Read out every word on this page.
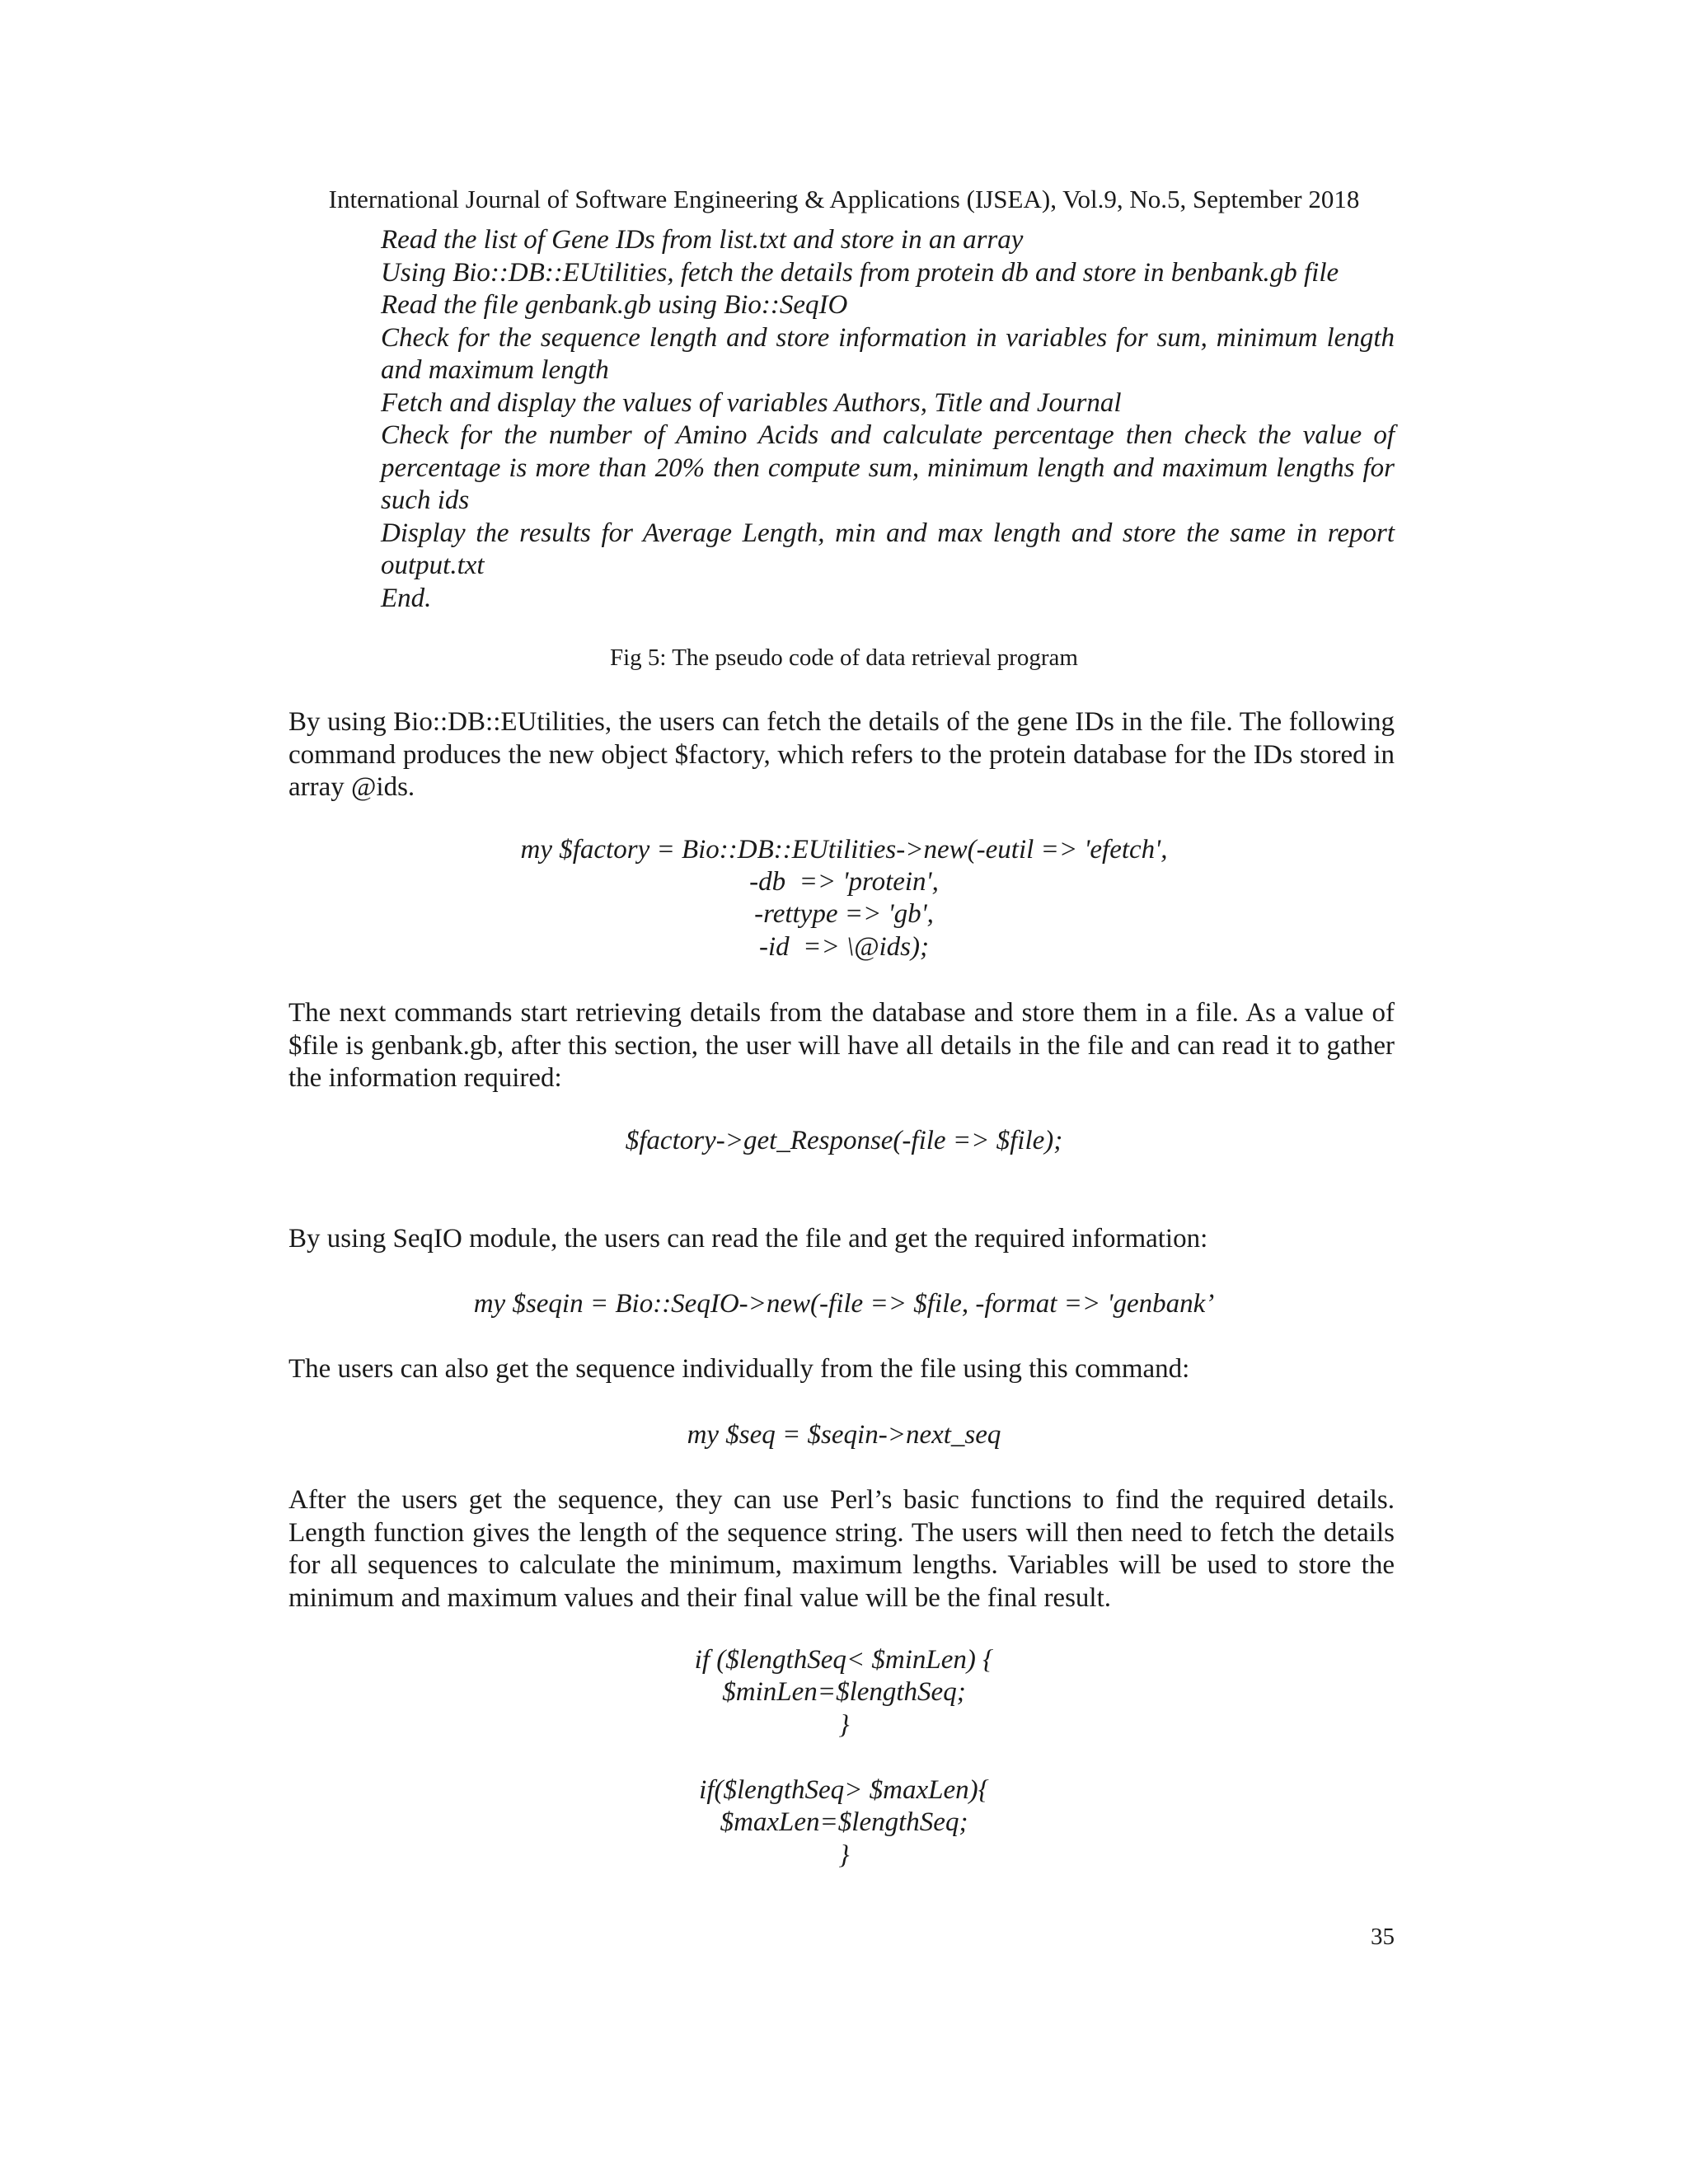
International Journal of Software Engineering & Applications (IJSEA), Vol.9, No.5, September 2018
Read the list of Gene IDs from list.txt and store in an array
Using Bio::DB::EUtilities, fetch the details from protein db and store in benbank.gb file
Read the file genbank.gb using Bio::SeqIO
Check for the sequence length and store information in variables for sum, minimum length and maximum length
Fetch and display the values of variables Authors, Title and Journal
Check for the number of Amino Acids and calculate percentage then check the value of percentage is more than 20% then compute sum, minimum length and maximum lengths for such ids
Display the results for Average Length, min and max length and store the same in report output.txt
End.
Fig 5: The pseudo code of data retrieval program
By using Bio::DB::EUtilities, the users can fetch the details of the gene IDs in the file. The following command produces the new object $factory, which refers to the protein database for the IDs stored in array @ids.
my $factory = Bio::DB::EUtilities->new(-eutil => 'efetch',
-db  => 'protein',
-rettype => 'gb',
-id  => \@ids);
The next commands start retrieving details from the database and store them in a file. As a value of $file is genbank.gb, after this section, the user will have all details in the file and can read it to gather the information required:
$factory->get_Response(-file => $file);
By using SeqIO module, the users can read the file and get the required information:
my $seqin = Bio::SeqIO->new(-file => $file, -format => 'genbank’
The users can also get the sequence individually from the file using this command:
my $seq = $seqin->next_seq
After the users get the sequence, they can use Perl’s basic functions to find the required details. Length function gives the length of the sequence string. The users will then need to fetch the details for all sequences to calculate the minimum, maximum lengths. Variables will be used to store the minimum and maximum values and their final value will be the final result.
if ($lengthSeq< $minLen) {
$minLen=$lengthSeq;
}
if($lengthSeq> $maxLen){
$maxLen=$lengthSeq;
}
35
